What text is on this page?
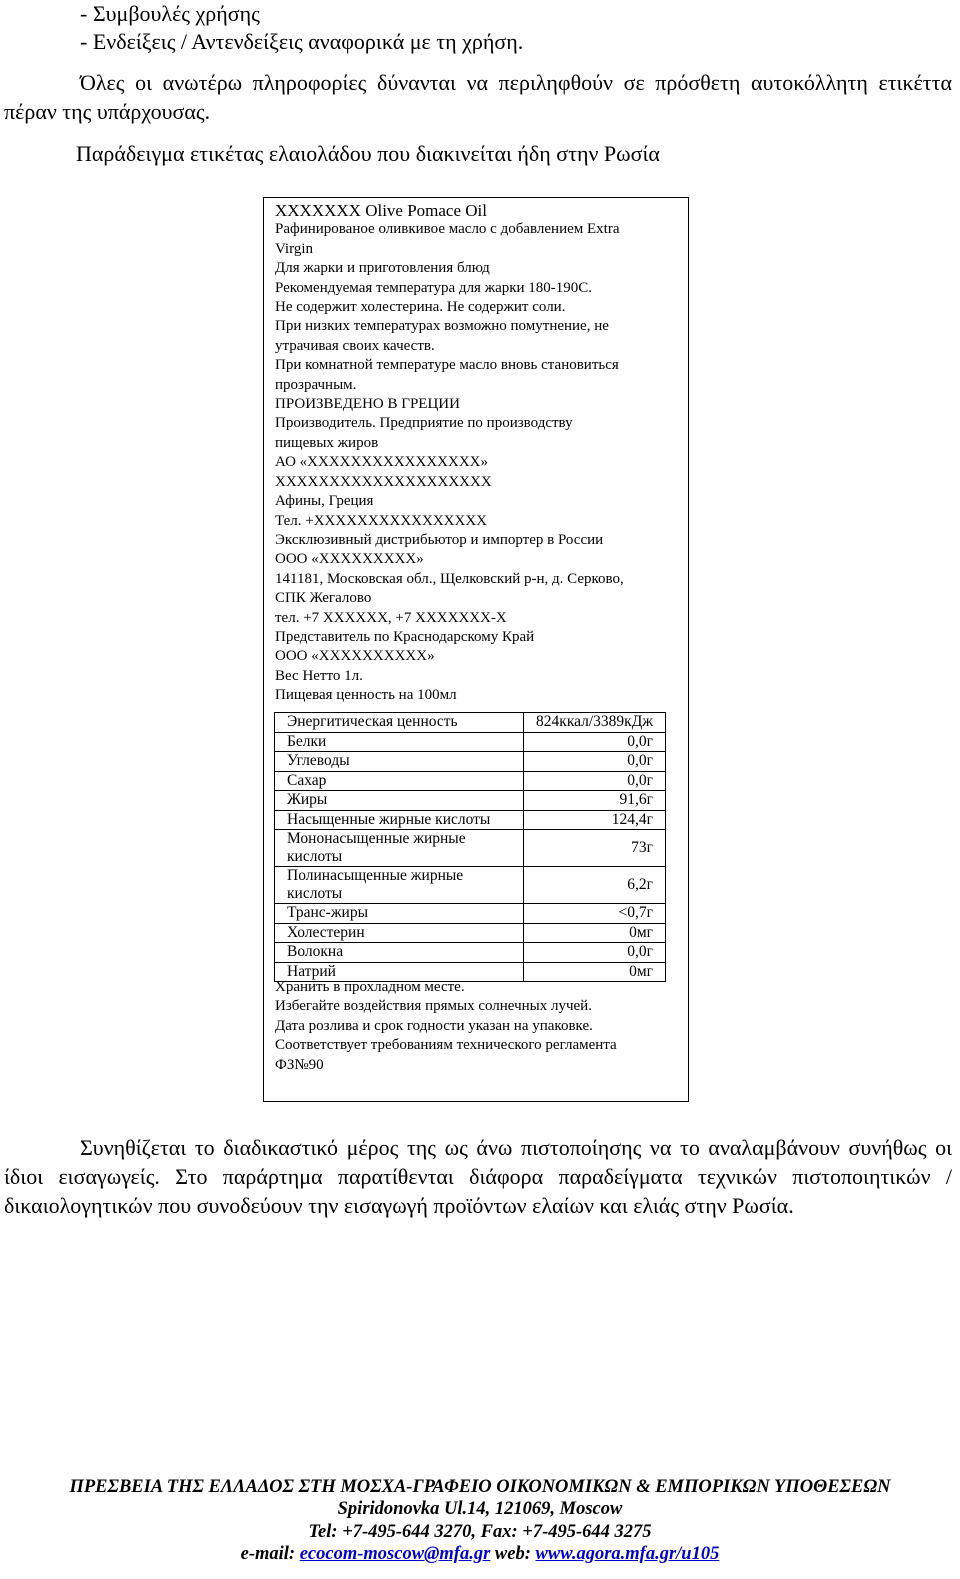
- Συμβουλές χρήσης
- Ενδείξεις / Αντενδείξεις αναφορικά με τη χρήση.
Όλες οι ανωτέρω πληροφορίες δύνανται να περιληφθούν σε πρόσθετη αυτοκόλλητη ετικέττα πέραν της υπάρχουσας.
Παράδειγμα ετικέτας ελαιολάδου που διακινείται ήδη στην Ρωσία
XXXXXXX Olive Pomace Oil
Рафинированое оливкивое масло с добавлением Extra
Virgin
Для жарки и приготовления блюд
Рекомендуемая температура для жарки 180-190C.
Не содержит холестерина. Не содержит соли.
При низких температурах возможно помутнение, не
утрачивая своих качеств.
При комнатной температуре масло вновь становиться
прозрачным.
ПРОИЗВЕДЕНО В ГРЕЦИИ
Производитель. Предприятие по производству
пищевых жиров
АО «XXXXXXXXXXXXXXXX»
XXXXXXXXXXXXXXXXXXXX
Афины, Греция
Тел. +XXXXXXXXXXXXXXXX
Эксклюзивный дистрибьютор и импортер в России
ООО «XXXXXXXXX»
141181, Московская обл., Щелковский р-н, д. Серково,
СПК Жегалово
тел. +7 XXXXXX, +7 XXXXXXX-X
Представитель по Краснодарскому Край
ООО «XXXXXXXXXX»
Вес Нетто 1л.
Пищевая ценность на 100мл
Энергитическая ценность	824ккал/3389кДж
Белки	0,0г
Углеводы	0,0г
Сахар	0,0г
Жиры	91,6г
Насыщенные жирные кислоты	124,4г
Мононасыщенные жирные кислоты	73г
Полинасыщенные жирные кислоты	6,2г
Транс-жиры	<0,7г
Холестерин	0мг
Волокна	0,0г
Натрий	0мг
Хранить в прохладном месте.
Избегайте воздействия прямых солнечных лучей.
Дата розлива и срок годности указан на упаковке.
Соответствует требованиям технического регламента
ФЗ№90
Συνηθίζεται το διαδικαστικό μέρος της ως άνω πιστοποίησης να το αναλαμβάνουν συνήθως οι ίδιοι εισαγωγείς. Στο παράρτημα παρατίθενται διάφορα παραδείγματα τεχνικών πιστοποιητικών / δικαιολογητικών που συνοδεύουν την εισαγωγή προϊόντων ελαίων και ελιάς στην Ρωσία.
ΠΡΕΣΒΕΙΑ ΤΗΣ ΕΛΛΑΔΟΣ ΣΤΗ ΜΟΣΧΑ-ΓΡΑΦΕΙΟ ΟΙΚΟΝΟΜΙΚΩΝ & ΕΜΠΟΡΙΚΩΝ ΥΠΟΘΕΣΕΩΝ
Spiridonovka Ul.14, 121069, Moscow
Tel: +7-495-644 3270, Fax: +7-495-644 3275
e-mail: ecocom-moscow@mfa.gr web: www.agora.mfa.gr/u105
